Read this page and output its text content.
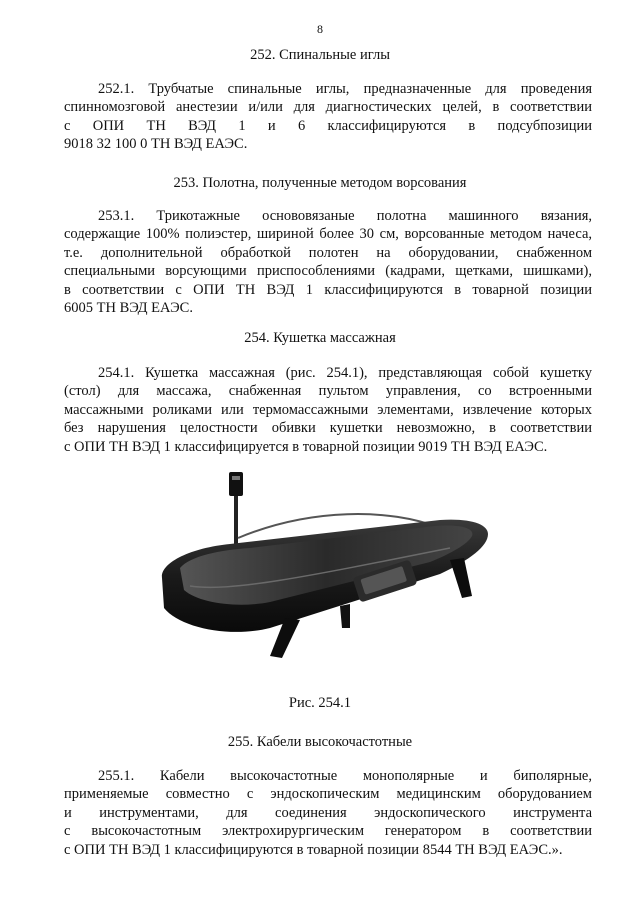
8
252. Спинальные иглы
252.1. Трубчатые спинальные иглы, предназначенные для проведения
спинномозговой анестезии и/или для диагностических целей, в соответствии
с ОПИ ТН ВЭД 1 и 6 классифицируются в подсубпозиции
9018 32 100 0 ТН ВЭД ЕАЭС.
253. Полотна, полученные методом ворсования
253.1. Трикотажные основовязаные полотна машинного вязания,
содержащие 100% полиэстер, шириной более 30 см, ворсованные методом начеса,
т.е. дополнительной обработкой полотен на оборудовании, снабженном
специальными ворсующими приспособлениями (кадрами, щетками, шишками),
в соответствии с ОПИ ТН ВЭД 1 классифицируются в товарной позиции
6005 ТН ВЭД ЕАЭС.
254. Кушетка массажная
254.1. Кушетка массажная (рис. 254.1), представляющая собой кушетку
(стол) для массажа, снабженная пультом управления, со встроенными
массажными роликами или термомассажными элементами, извлечение которых
без нарушения целостности обивки кушетки невозможно, в соответствии
с ОПИ ТН ВЭД 1 классифицируется в товарной позиции 9019 ТН ВЭД ЕАЭС.
Рис. 254.1
255. Кабели высокочастотные
255.1. Кабели высокочастотные монополярные и биполярные,
применяемые совместно с эндоскопическим медицинским оборудованием
и инструментами, для соединения эндоскопического инструмента
с высокочастотным электрохирургическим генератором в соответствии
с ОПИ ТН ВЭД 1 классифицируются в товарной позиции 8544 ТН ВЭД ЕАЭС.».
